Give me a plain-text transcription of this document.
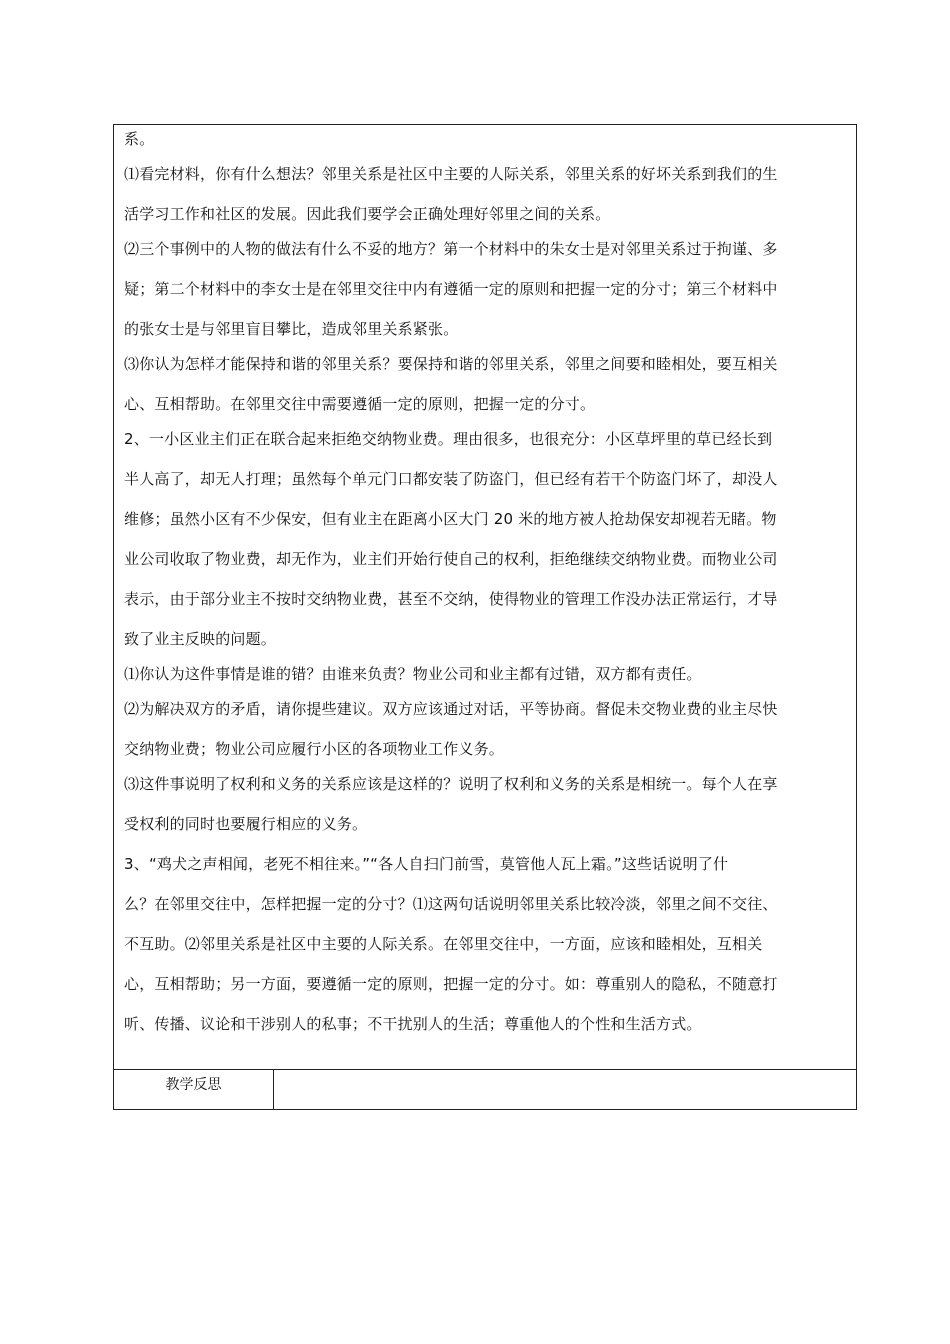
系。
⑴看完材料，你有什么想法？邻里关系是社区中主要的人际关系，邻里关系的好坏关系到我们的生
活学习工作和社区的发展。因此我们要学会正确处理好邻里之间的关系。
⑵三个事例中的人物的做法有什么不妥的地方？第一个材料中的朱女士是对邻里关系过于拘谨、多
疑；第二个材料中的李女士是在邻里交往中内有遵循一定的原则和把握一定的分寸；第三个材料中
的张女士是与邻里盲目攀比，造成邻里关系紧张。
⑶你认为怎样才能保持和谐的邻里关系？要保持和谐的邻里关系，邻里之间要和睦相处，要互相关
心、互相帮助。在邻里交往中需要遵循一定的原则，把握一定的分寸。
2、一小区业主们正在联合起来拒绝交纳物业费。理由很多，也很充分：小区草坪里的草已经长到
半人高了，却无人打理；虽然每个单元门口都安装了防盗门，但已经有若干个防盗门坏了，却没人
维修；虽然小区有不少保安，但有业主在距离小区大门 20 米的地方被人抢劫保安却视若无睹。物
业公司收取了物业费，却无作为，业主们开始行使自己的权利，拒绝继续交纳物业费。而物业公司
表示，由于部分业主不按时交纳物业费，甚至不交纳，使得物业的管理工作没办法正常运行，才导
致了业主反映的问题。
⑴你认为这件事情是谁的错？由谁来负责？物业公司和业主都有过错，双方都有责任。
⑵为解决双方的矛盾，请你提些建议。双方应该通过对话，平等协商。督促未交物业费的业主尽快
交纳物业费；物业公司应履行小区的各项物业工作义务。
⑶这件事说明了权利和义务的关系应该是这样的？说明了权利和义务的关系是相统一。每个人在享
受权利的同时也要履行相应的义务。
3、“鸡犬之声相闻，老死不相往来。”“各人自扫门前雪，莫管他人瓦上霜。”这些话说明了什
么？在邻里交往中，怎样把握一定的分寸？⑴这两句话说明邻里关系比较冷淡，邻里之间不交往、
不互助。⑵邻里关系是社区中主要的人际关系。在邻里交往中，一方面，应该和睦相处，互相关
心，互相帮助；另一方面，要遵循一定的原则，把握一定的分寸。如：尊重别人的隐私，不随意打
听、传播、议论和干涉别人的私事；不干扰别人的生活；尊重他人的个性和生活方式。
教学反思
